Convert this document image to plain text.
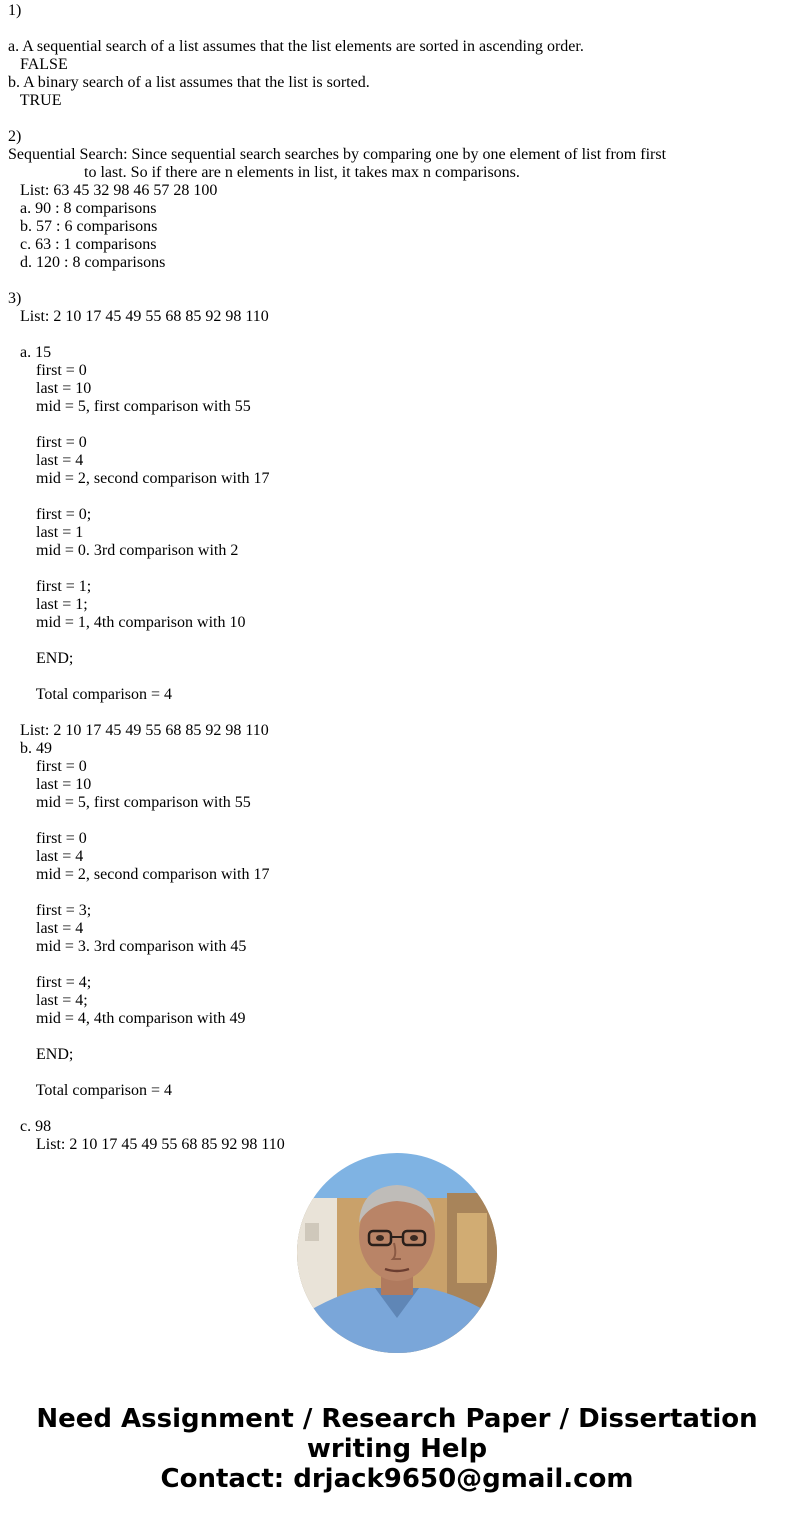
1)
a. A sequential search of a list assumes that the list elements are sorted in ascending order.
FALSE
b. A binary search of a list assumes that the list is sorted.
TRUE
2)
Sequential Search: Since sequential search searches by comparing one by one element of list from first
to last. So if there are n elements in list, it takes max n comparisons.
List: 63 45 32 98 46 57 28 100
a. 90 : 8 comparisons
b. 57 : 6 comparisons
c. 63 : 1 comparisons
d. 120 : 8 comparisons
3)
List: 2 10 17 45 49 55 68 85 92 98 110
a. 15
first = 0
last = 10
mid = 5, first comparison with 55
first = 0
last = 4
mid = 2, second comparison with 17
first = 0;
last = 1
mid = 0. 3rd comparison with 2
first = 1;
last = 1;
mid = 1, 4th comparison with 10
END;
Total comparison = 4
List: 2 10 17 45 49 55 68 85 92 98 110
b. 49
first = 0
last = 10
mid = 5, first comparison with 55
first = 0
last = 4
mid = 2, second comparison with 17
first = 3;
last = 4
mid = 3. 3rd comparison with 45
first = 4;
last = 4;
mid = 4, 4th comparison with 49
END;
Total comparison = 4
c. 98
List: 2 10 17 45 49 55 68 85 92 98 110
Need Assignment / Research Paper / Dissertation
writing Help
Contact: drjack9650@gmail.com
